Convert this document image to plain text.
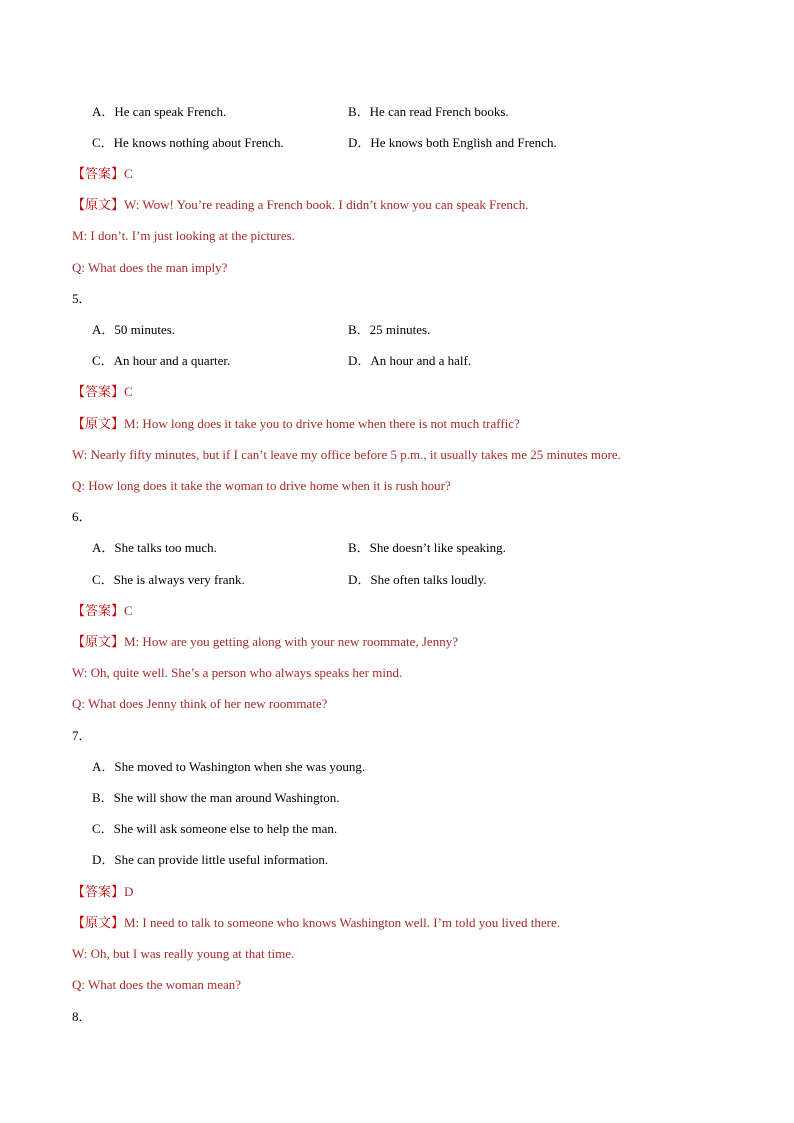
A．He can speak French.	B．He can read French books.
C．He knows nothing about French.	D．He knows both English and French.
【答案】C
【原文】W: Wow! You’re reading a French book. I didn’t know you can speak French.
M: I don’t. I’m just looking at the pictures.
Q: What does the man imply?
5．
A．50 minutes.	B．25 minutes.
C．An hour and a quarter.	D．An hour and a half.
【答案】C
【原文】M: How long does it take you to drive home when there is not much traffic?
W: Nearly fifty minutes, but if I can’t leave my office before 5 p.m., it usually takes me 25 minutes more.
Q: How long does it take the woman to drive home when it is rush hour?
6．
A．She talks too much.	B．She doesn’t like speaking.
C．She is always very frank.	D．She often talks loudly.
【答案】C
【原文】M: How are you getting along with your new roommate, Jenny?
W: Oh, quite well. She’s a person who always speaks her mind.
Q: What does Jenny think of her new roommate?
7．
A．She moved to Washington when she was young.
B．She will show the man around Washington.
C．She will ask someone else to help the man.
D．She can provide little useful information.
【答案】D
【原文】M: I need to talk to someone who knows Washington well. I’m told you lived there.
W: Oh, but I was really young at that time.
Q: What does the woman mean?
8．
